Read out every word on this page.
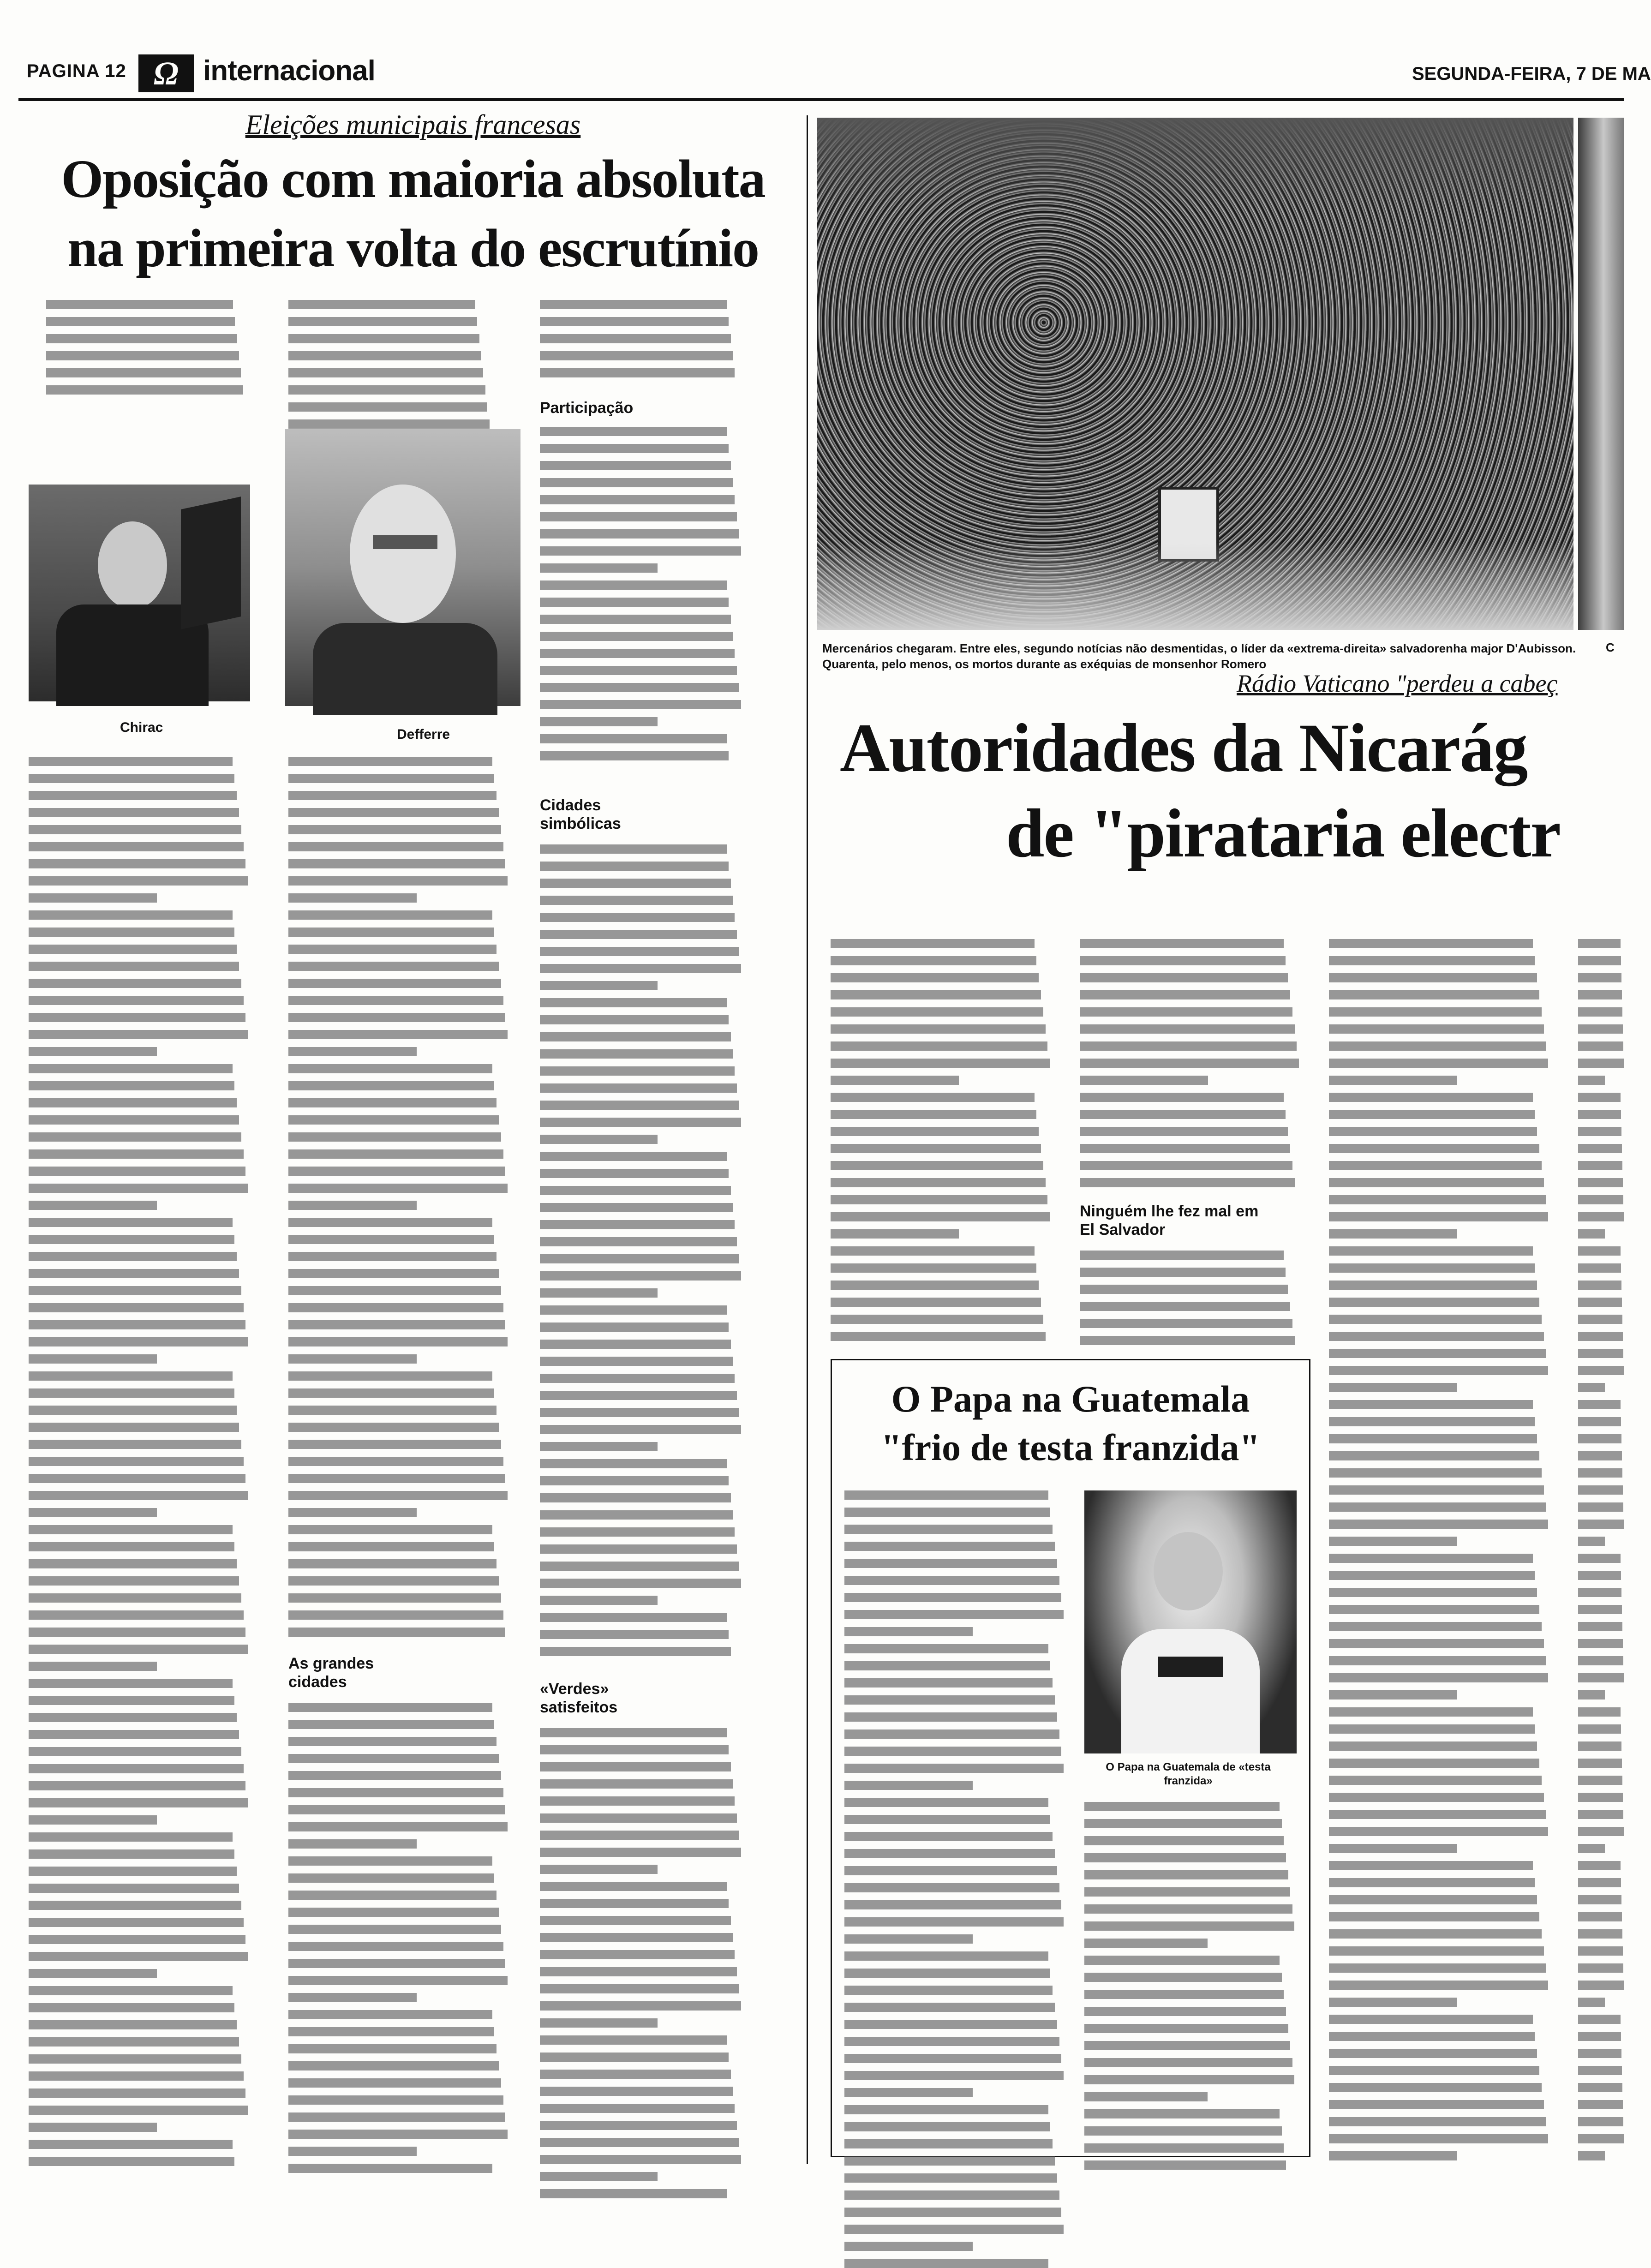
PAGINA 12 Ω internacional	SEGUNDA-FEIRA, 7 DE MA
Eleições municipais francesas
Oposição com maioria absoluta
na primeira volta do escrutínio
Chirac	Defferre
Participação
Cidades simbólicas
«Verdes» satisfeitos
As grandes cidades
Mercenários chegaram. Entre eles, segundo notícias não desmentidas, o líder da «extrema-direita» salvadorenha major D'Aubisson. Quarenta, pelo menos, os mortos durante as exéquias de monsenhor Romero
C
Rádio Vaticano "perdeu a cabeç
Autoridades da Nicarág
de "pirataria electr
Ninguém lhe fez mal em El Salvador
O Papa na Guatemala
"frio de testa franzida"
O Papa na Guatemala de «testa franzida»
